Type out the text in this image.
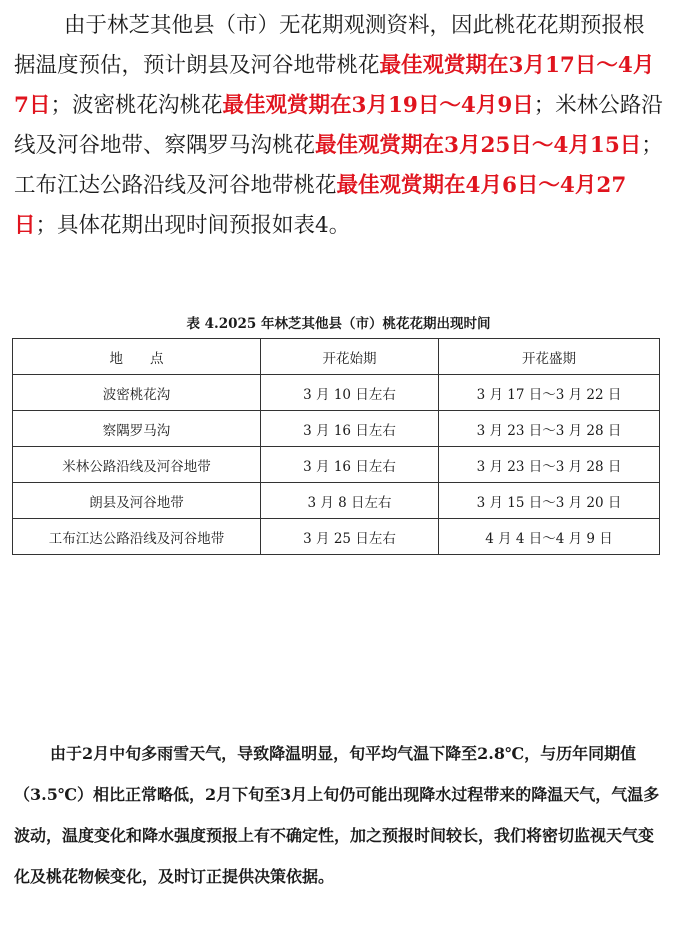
由于林芝其他县（市）无花期观测资料，因此桃花花期预报根据温度预估，预计朗县及河谷地带桃花最佳观赏期在3月17日～4月7日；波密桃花沟桃花最佳观赏期在3月19日～4月9日；米林公路沿线及河谷地带、察隅罗马沟桃花最佳观赏期在3月25日～4月15日；工布江达公路沿线及河谷地带桃花最佳观赏期在4月6日～4月27日；具体花期出现时间预报如表4。

表 4.2025 年林芝其他县（市）桃花花期出现时间

地　　点	开花始期	开花盛期
波密桃花沟	3 月 10 日左右	3 月 17 日～3 月 22 日
察隅罗马沟	3 月 16 日左右	3 月 23 日～3 月 28 日
米林公路沿线及河谷地带	3 月 16 日左右	3 月 23 日～3 月 28 日
朗县及河谷地带	3 月 8 日左右	3 月 15 日～3 月 20 日
工布江达公路沿线及河谷地带	3 月 25 日左右	4 月 4 日～4 月 9 日

由于2月中旬多雨雪天气，导致降温明显，旬平均气温下降至2.8℃，与历年同期值（3.5℃）相比正常略低，2月下旬至3月上旬仍可能出现降水过程带来的降温天气，气温多波动，温度变化和降水强度预报上有不确定性，加之预报时间较长，我们将密切监视天气变化及桃花物候变化，及时订正提供决策依据。
